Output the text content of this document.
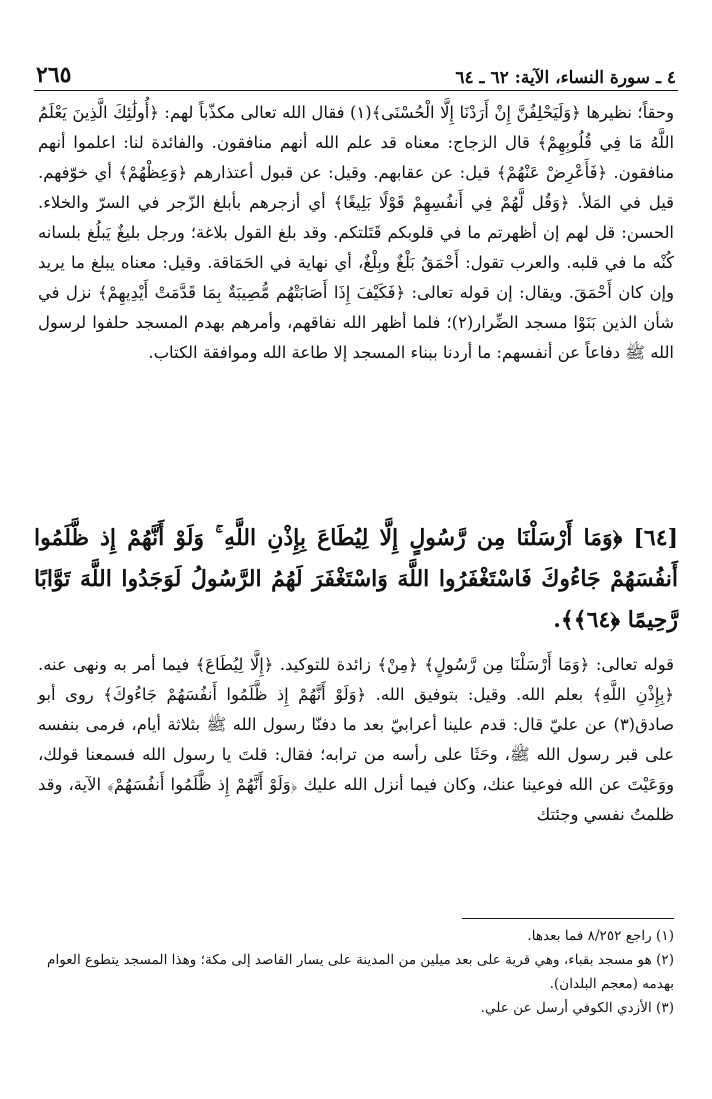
٢٦٥	٤ ـ سورة النساء، الآية: ٦٢ ـ ٦٤
وحقاً؛ نظيرها ﴿وَلَيَحْلِفُنَّ إِنْ أَرَدْنَا إِلَّا الْحُسْنَى﴾(١) فقال الله تعالى مكذّباً لهم: ﴿أُولَٰئِكَ الَّذِينَ يَعْلَمُ اللَّهُ مَا فِي قُلُوبِهِمْ﴾ قال الزجاج: معناه قد علم الله أنهم منافقون. والفائدة لنا: اعلموا أنهم منافقون. ﴿فَأَعْرِضْ عَنْهُمْ﴾ قيل: عن عقابهم. وقيل: عن قبول أعتذارهم ﴿وَعِظْهُمْ﴾ أي خوّفهم. قيل في المَلأ. ﴿وَقُل لَّهُمْ فِي أَنفُسِهِمْ قَوْلًا بَلِيغًا﴾ أي أزجرهم بأبلغ الزّجر في السرّ والخلاء. الحسن: قل لهم إن أظهرتم ما في قلوبكم قَتَلتكم. وقد بلغ القول بلاغة؛ ورجل بليغٌ يَبلُغ بلسانه كُنْه ما في قلبه. والعرب تقول: أَحْمَقُ بَلْغٌ وبِلْغٌ، أي نهاية في الحَمَاقة. وقيل: معناه يبلغ ما يريد وإن كان أَحْمَقَ. ويقال: إن قوله تعالى: ﴿فَكَيْفَ إِذَا أَصَابَتْهُم مُّصِيبَةٌ بِمَا قَدَّمَتْ أَيْدِيهِمْ﴾ نزل في شأن الذين بَنَوْا مسجد الضِّرار(٢)؛ فلما أظهر الله نفاقهم، وأمرهم بهدم المسجد حلفوا لرسول الله ﷺ دفاعاً عن أنفسهم: ما أردنا ببناء المسجد إلا طاعة الله وموافقة الكتاب.
[٦٤] ﴿وَمَا أَرْسَلْنَا مِن رَّسُولٍ إِلَّا لِيُطَاعَ بِإِذْنِ اللَّهِ ۚ وَلَوْ أَنَّهُمْ إِذ ظَّلَمُوا أَنفُسَهُمْ جَاءُوكَ فَاسْتَغْفَرُوا اللَّهَ وَاسْتَغْفَرَ لَهُمُ الرَّسُولُ لَوَجَدُوا اللَّهَ تَوَّابًا رَّحِيمًا ﴿٦٤﴾﴾.
قوله تعالى: ﴿وَمَا أَرْسَلْنَا مِن رَّسُولٍ﴾ ﴿مِنْ﴾ زائدة للتوكيد. ﴿إِلَّا لِيُطَاعَ﴾ فيما أمر به ونهى عنه. ﴿بِإِذْنِ اللَّهِ﴾ بعلم الله. وقيل: بتوفيق الله. ﴿وَلَوْ أَنَّهُمْ إِذ ظَّلَمُوا أَنفُسَهُمْ جَاءُوكَ﴾ روى أبو صادق(٣) عن عليّ قال: قدم علينا أعرابيّ بعد ما دفنّا رسول الله ﷺ بثلاثة أيام، فرمى بنفسه على قبر رسول الله ﷺ، وحَثَا على رأسه من ترابه؛ فقال: قلتَ يا رسول الله فسمعنا قولك، ووَعَيْتَ عن الله فوعينا عنك، وكان فيما أنزل الله عليك ﴿وَلَوْ أَنَّهُمْ إِذ ظَّلَمُوا أَنفُسَهُمْ﴾ الآية، وقد ظلمتُ نفسي وجئتك

(١) راجع ٨/٢٥٢ فما بعدها.

(٢) هو مسجد بقباء، وهي قرية على بعد ميلين من المدينة على يسار القاصد إلى مكة؛ وهذا المسجد يتطوع العوام بهدمه (معجم البلدان).

(٣) الأزدي الكوفي أرسل عن علي.
